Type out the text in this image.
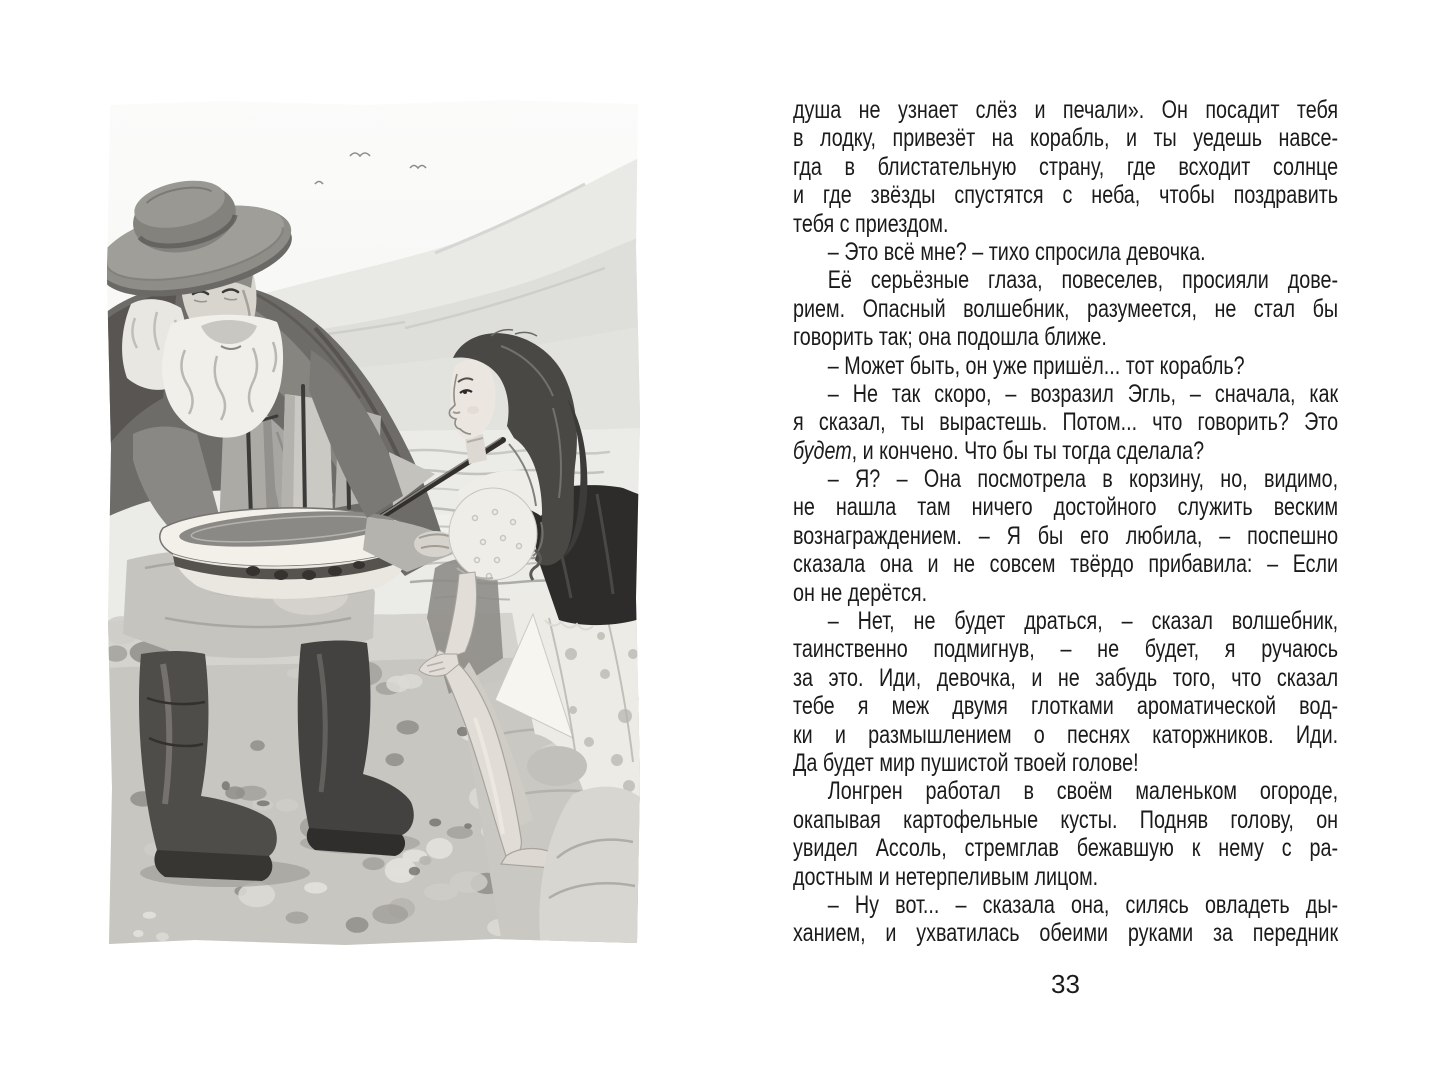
душа не узнает слёз и печали». Он посадит тебя
в лодку, привезёт на корабль, и ты уедешь навсе-
гда в блистательную страну, где всходит солнце
и где звёзды спустятся с неба, чтобы поздравить
тебя с приездом.
– Это всё мне? – тихо спросила девочка.
Её серьёзные глаза, повеселев, просияли дове-
рием. Опасный волшебник, разумеется, не стал бы
говорить так; она подошла ближе.
– Может быть, он уже пришёл... тот корабль?
– Не так скоро, – возразил Эгль, – сначала, как
я сказал, ты вырастешь. Потом... что говорить? Это
будет, и кончено. Что бы ты тогда сделала?
– Я? – Она посмотрела в корзину, но, видимо,
не нашла там ничего достойного служить веским
вознаграждением. – Я бы его любила, – поспешно
сказала она и не совсем твёрдо прибавила: – Если
он не дерётся.
– Нет, не будет драться, – сказал волшебник,
таинственно подмигнув, – не будет, я ручаюсь
за это. Иди, девочка, и не забудь того, что сказал
тебе я меж двумя глотками ароматической вод-
ки и размышлением о песнях каторжников. Иди.
Да будет мир пушистой твоей голове!
Лонгрен работал в своём маленьком огороде,
окапывая картофельные кусты. Подняв голову, он
увидел Ассоль, стремглав бежавшую к нему с ра-
достным и нетерпеливым лицом.
– Ну вот... – сказала она, силясь овладеть ды-
ханием, и ухватилась обеими руками за передник
33
